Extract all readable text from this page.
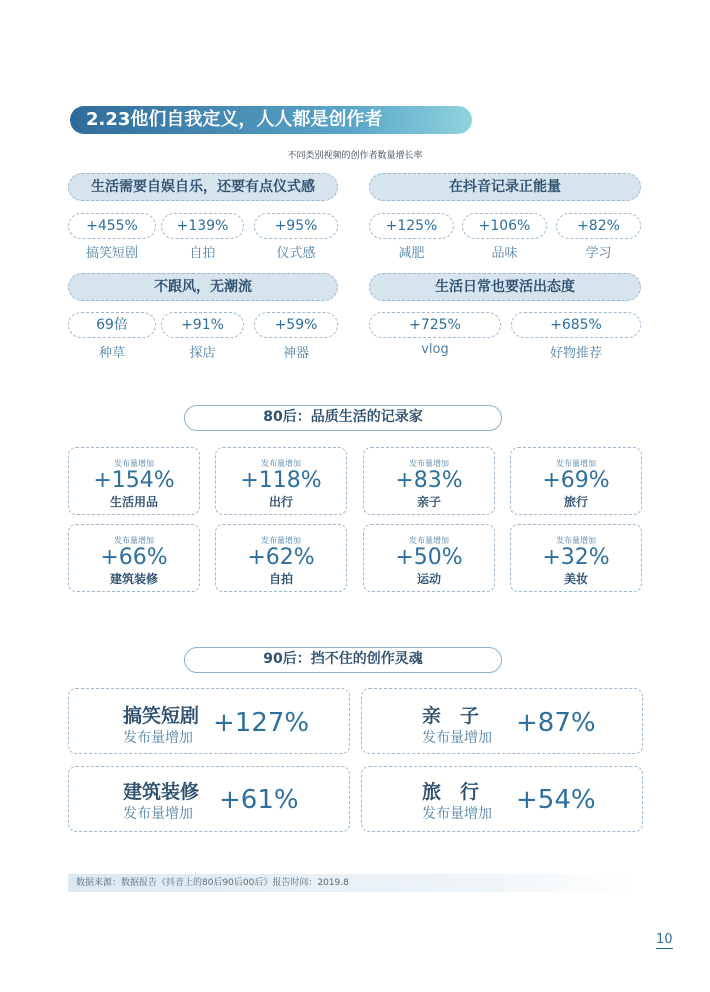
2.23他们自我定义，人人都是创作者
不同类别视频的创作者数量增长率
生活需要自娱自乐，还要有点仪式感
+455%	+139%	+95%
搞笑短剧	自拍	仪式感
在抖音记录正能量
+125%	+106%	+82%
减肥	品味	学习
不跟风，无潮流
69倍	+91%	+59%
种草	探店	神器
生活日常也要活出态度
+725%	+685%
vlog	好物推荐
80后：品质生活的记录家
发布量增加
+154%
生活用品
发布量增加
+118%
出行
发布量增加
+83%
亲子
发布量增加
+69%
旅行
发布量增加
+66%
建筑装修
发布量增加
+62%
自拍
发布量增加
+50%
运动
发布量增加
+32%
美妆
90后：挡不住的创作灵魂
搞笑短剧
发布量增加 +127%	亲　子
发布量增加 +87%
建筑装修
发布量增加 +61%	旅　行
发布量增加 +54%
数据来源：数据报告《抖音上的80后90后00后》报告时间：2019.8
10
